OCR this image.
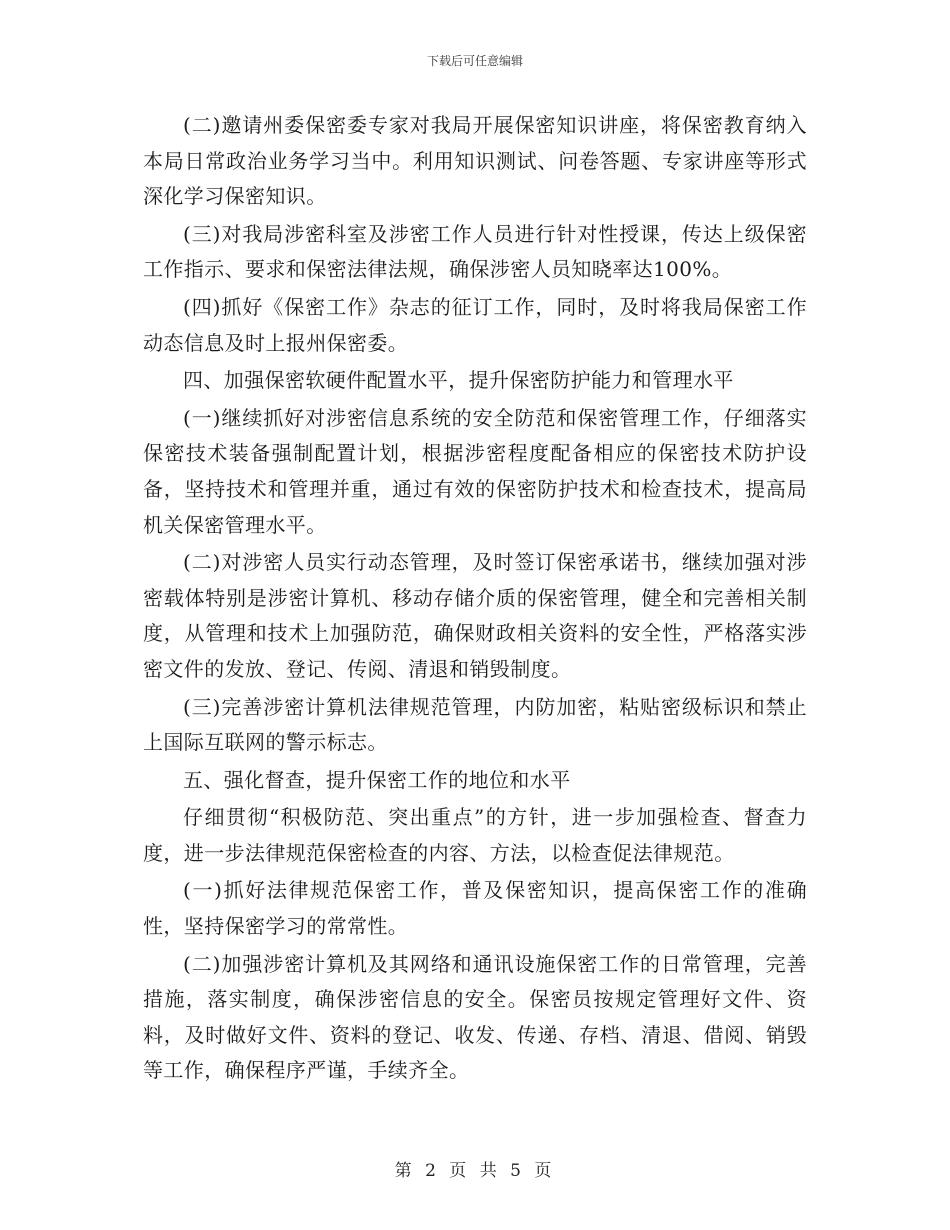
下载后可任意编辑

(二)邀请州委保密委专家对我局开展保密知识讲座，将保密教育纳入本局日常政治业务学习当中。利用知识测试、问卷答题、专家讲座等形式深化学习保密知识。

(三)对我局涉密科室及涉密工作人员进行针对性授课，传达上级保密工作指示、要求和保密法律法规，确保涉密人员知晓率达100%。

(四)抓好《保密工作》杂志的征订工作，同时，及时将我局保密工作动态信息及时上报州保密委。

四、加强保密软硬件配置水平，提升保密防护能力和管理水平

(一)继续抓好对涉密信息系统的安全防范和保密管理工作，仔细落实保密技术装备强制配置计划，根据涉密程度配备相应的保密技术防护设备，坚持技术和管理并重，通过有效的保密防护技术和检查技术，提高局机关保密管理水平。

(二)对涉密人员实行动态管理，及时签订保密承诺书，继续加强对涉密载体特别是涉密计算机、移动存储介质的保密管理，健全和完善相关制度，从管理和技术上加强防范，确保财政相关资料的安全性，严格落实涉密文件的发放、登记、传阅、清退和销毁制度。

(三)完善涉密计算机法律规范管理，内防加密，粘贴密级标识和禁止上国际互联网的警示标志。

五、强化督查，提升保密工作的地位和水平

仔细贯彻“积极防范、突出重点”的方针，进一步加强检查、督查力度，进一步法律规范保密检查的内容、方法，以检查促法律规范。

(一)抓好法律规范保密工作，普及保密知识，提高保密工作的准确性，坚持保密学习的常常性。

(二)加强涉密计算机及其网络和通讯设施保密工作的日常管理，完善措施，落实制度，确保涉密信息的安全。保密员按规定管理好文件、资料，及时做好文件、资料的登记、收发、传递、存档、清退、借阅、销毁等工作，确保程序严谨，手续齐全。

第 2 页 共 5 页
